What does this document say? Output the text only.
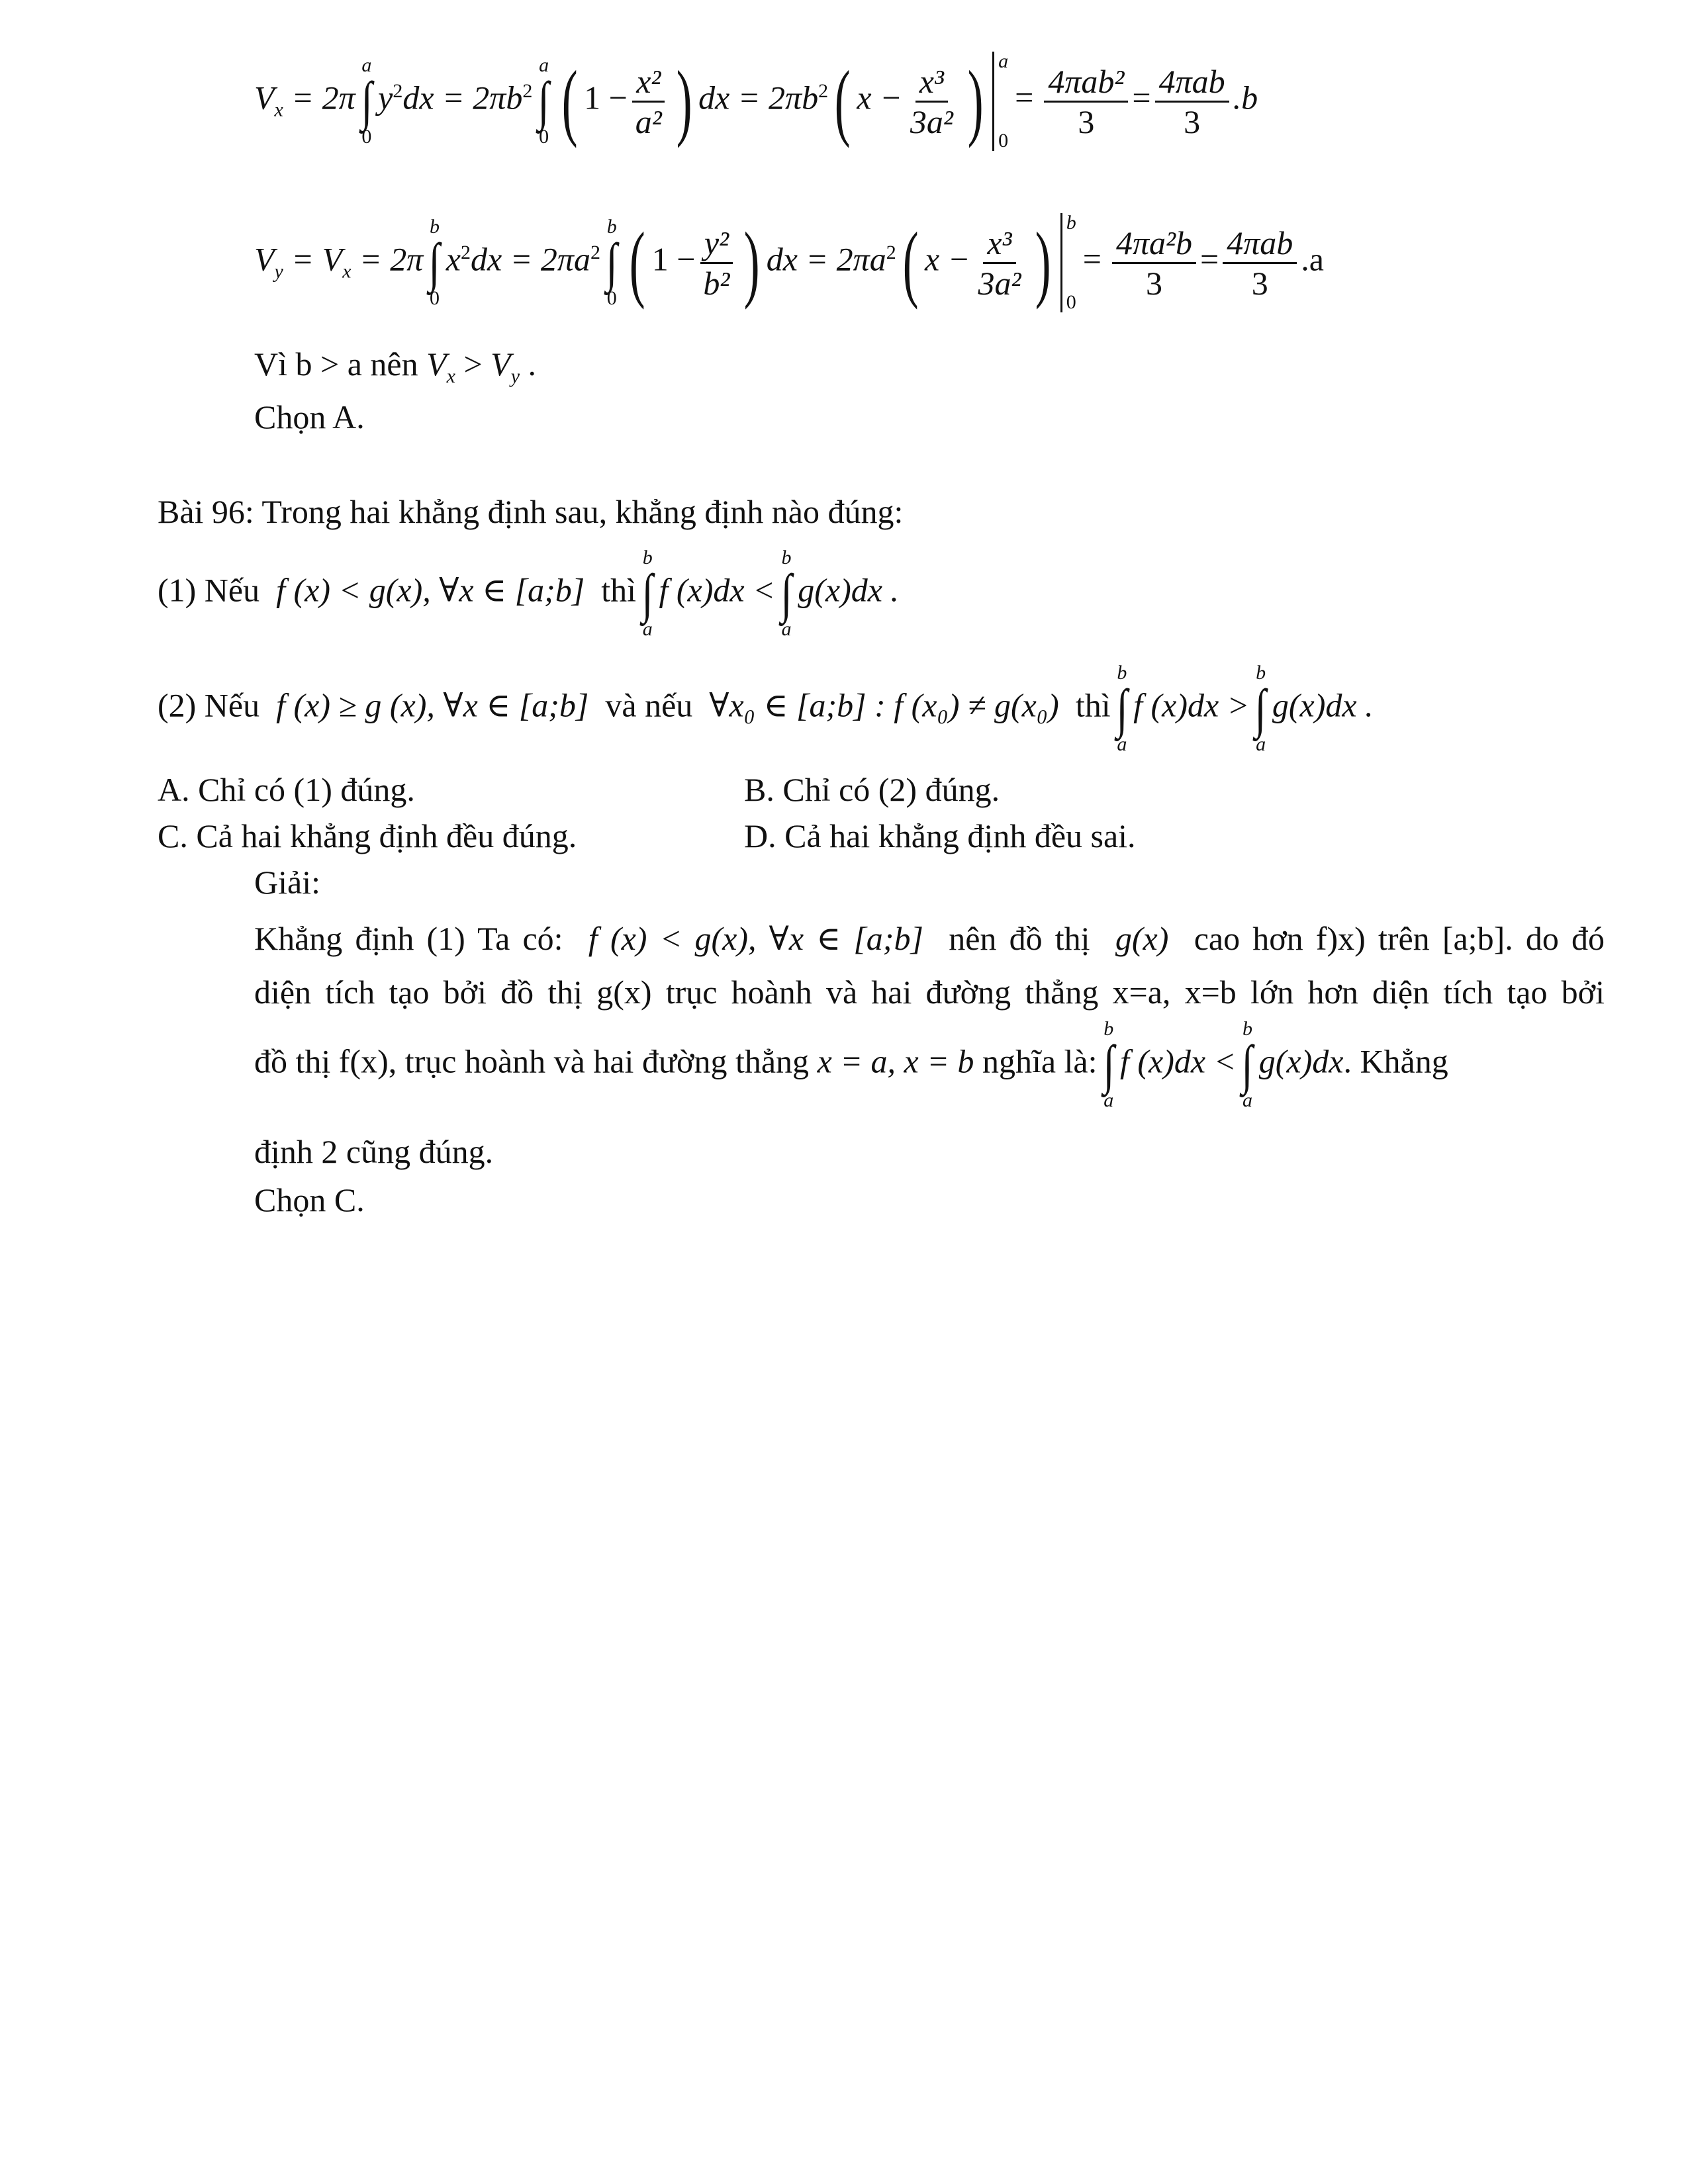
$V_x = 2\pi$
a
∫
0
$y^2dx = 2\pi b^2$
a
∫
0 ( $1 - \frac{\text{x²}}{\text{a²}}$ ) dx = $2\pi b^2$( $x - \frac{\text{x³}}{\text{3a²}}$ ) a
0
= $\frac{\text{4πab²}}{3} = \frac{\text{4πab}}{3} .b$
$V_y = V_x = 2\pi$
b
∫
0
$x^2dx = 2\pi a^2$
b
∫
0 ( $1 - \frac{\text{y²}}{\text{b²}}$ ) dx = $2\pi a^2$( $x - \frac{\text{x³}}{\text{3a²}}$ ) b
0
= $\frac{\text{4πa²b}}{3} = \frac{\text{4πab}}{3} .a$
Vì b > a nên $V_x > V_y$ .
Chọn A.
Bài 96: Trong hai khẳng định sau, khẳng định nào đúng:
(1) Nếu f (x) < g(x), ∀x ∈ [a;b] thì
b
∫
a
f (x)dx <
b
∫
a
g(x)dx .
(2) Nếu f (x) ≥ g (x), ∀x ∈ [a;b] và nếu ∀x₀ ∈ [a;b] : f (x₀) ≠ g(x₀) thì
b
∫
a
f (x)dx >
b
∫
a
g(x)dx .
A. Chỉ có (1) đúng.	B. Chỉ có (2) đúng.
C. Cả hai khẳng định đều đúng.	D. Cả hai khẳng định đều sai.
Giải:
Khẳng định (1) Ta có: f (x) < g(x), ∀x ∈ [a;b] nên đồ thị g(x) cao hơn f)x) trên [a;b]. do đó
diện tích tạo bởi đồ thị g(x) trục hoành và hai đường thẳng x=a, x=b lớn hơn diện tích tạo bởi
đồ thị f(x), trục hoành và hai đường thẳng x = a, x = b nghĩa là:
b
∫
a
f (x)dx <
b
∫
a
g(x)dx. Khẳng
định 2 cũng đúng.
Chọn C.
